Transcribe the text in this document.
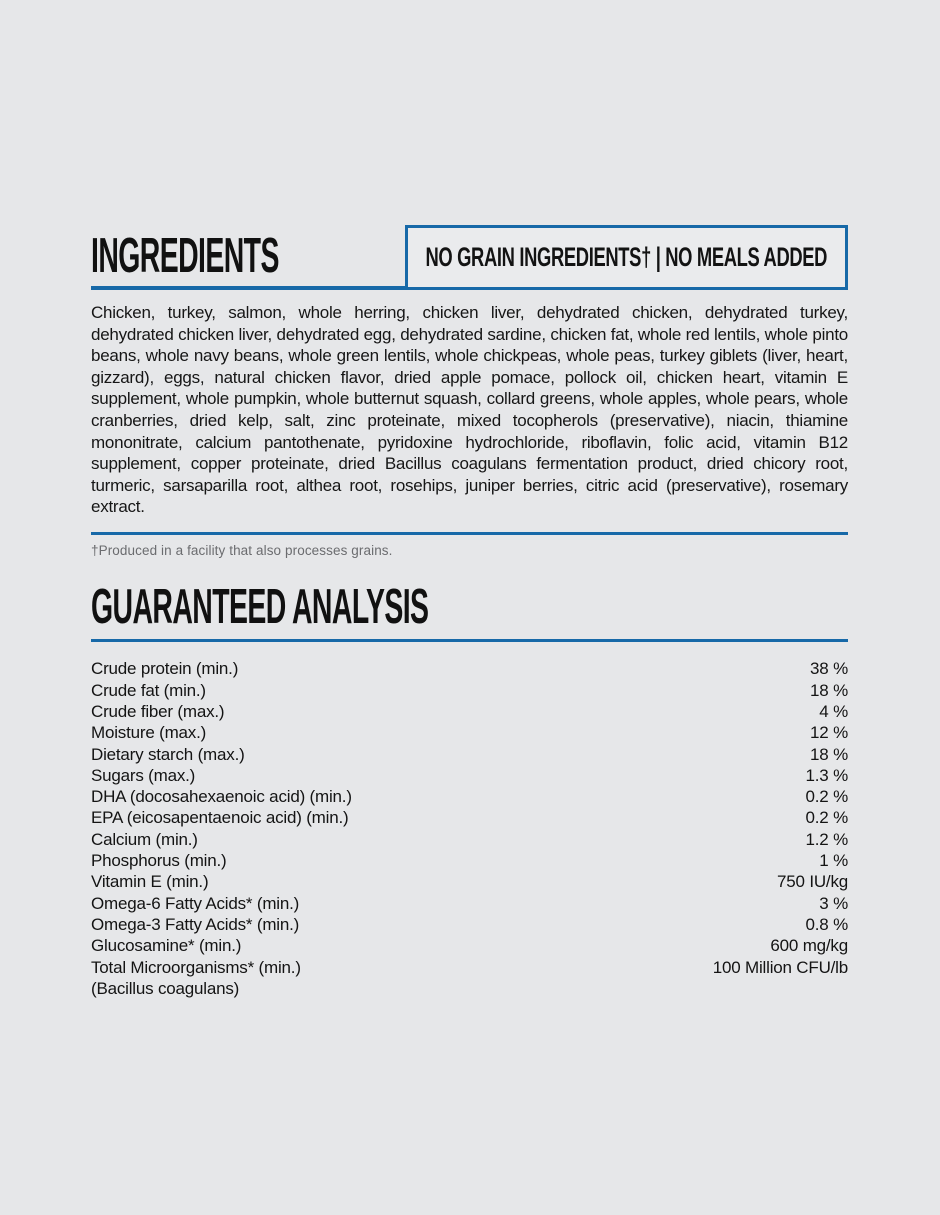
INGREDIENTS	NO GRAIN INGREDIENTS† | NO MEALS ADDED

Chicken, turkey, salmon, whole herring, chicken liver, dehydrated chicken, dehydrated turkey, dehydrated chicken liver, dehydrated egg, dehydrated sardine, chicken fat, whole red lentils, whole pinto beans, whole navy beans, whole green lentils, whole chickpeas, whole peas, turkey giblets (liver, heart, gizzard), eggs, natural chicken flavor, dried apple pomace, pollock oil, chicken heart, vitamin E supplement, whole pumpkin, whole butternut squash, collard greens, whole apples, whole pears, whole cranberries, dried kelp, salt, zinc proteinate, mixed tocopherols (preservative), niacin, thiamine mononitrate, calcium pantothenate, pyridoxine hydrochloride, riboflavin, folic acid, vitamin B12 supplement, copper proteinate, dried Bacillus coagulans fermentation product, dried chicory root, turmeric, sarsaparilla root, althea root, rosehips, juniper berries, citric acid (preservative), rosemary extract.

†Produced in a facility that also processes grains.

GUARANTEED ANALYSIS
Crude protein (min.)	38 %
Crude fat (min.)	18 %
Crude fiber (max.)	4 %
Moisture (max.)	12 %
Dietary starch (max.)	18 %
Sugars (max.)	1.3 %
DHA (docosahexaenoic acid) (min.)	0.2 %
EPA (eicosapentaenoic acid) (min.)	0.2 %
Calcium (min.)	1.2 %
Phosphorus (min.)	1 %
Vitamin E (min.)	750 IU/kg
Omega-6 Fatty Acids* (min.)	3 %
Omega-3 Fatty Acids* (min.)	0.8 %
Glucosamine* (min.)	600 mg/kg
Total Microorganisms* (min.)	100 Million CFU/lb
(Bacillus coagulans)
